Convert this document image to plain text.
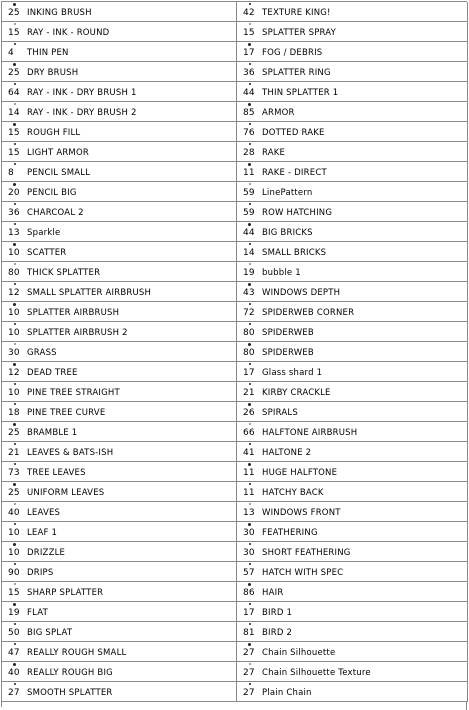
25 INKING BRUSH	42 TEXTURE KING!
15 RAY - INK - ROUND	15 SPLATTER SPRAY
4 THIN PEN	17 FOG / DEBRIS
25 DRY BRUSH	36 SPLATTER RING
64 RAY - INK - DRY BRUSH 1	44 THIN SPLATTER 1
14 RAY - INK - DRY BRUSH 2	85 ARMOR
15 ROUGH FILL	76 DOTTED RAKE
15 LIGHT ARMOR	28 RAKE
8 PENCIL SMALL	11 RAKE - DIRECT
20 PENCIL BIG	59 LinePattern
36 CHARCOAL 2	59 ROW HATCHING
13 Sparkle	44 BIG BRICKS
10 SCATTER	14 SMALL BRICKS
80 THICK SPLATTER	19 bubble 1
12 SMALL SPLATTER AIRBRUSH	43 WINDOWS DEPTH
10 SPLATTER AIRBRUSH	72 SPIDERWEB CORNER
10 SPLATTER AIRBRUSH 2	80 SPIDERWEB
30 GRASS	80 SPIDERWEB
12 DEAD TREE	17 Glass shard 1
10 PINE TREE STRAIGHT	21 KIRBY CRACKLE
18 PINE TREE CURVE	26 SPIRALS
25 BRAMBLE 1	66 HALFTONE AIRBRUSH
21 LEAVES & BATS-ISH	41 HALTONE 2
73 TREE LEAVES	11 HUGE HALFTONE
25 UNIFORM LEAVES	11 HATCHY BACK
40 LEAVES	13 WINDOWS FRONT
10 LEAF 1	30 FEATHERING
10 DRIZZLE	30 SHORT FEATHERING
90 DRIPS	57 HATCH WITH SPEC
15 SHARP SPLATTER	86 HAIR
19 FLAT	17 BIRD 1
50 BIG SPLAT	81 BIRD 2
47 REALLY ROUGH SMALL	27 Chain Silhouette
40 REALLY ROUGH BIG	27 Chain Silhouette Texture
27 SMOOTH SPLATTER	27 Plain Chain
